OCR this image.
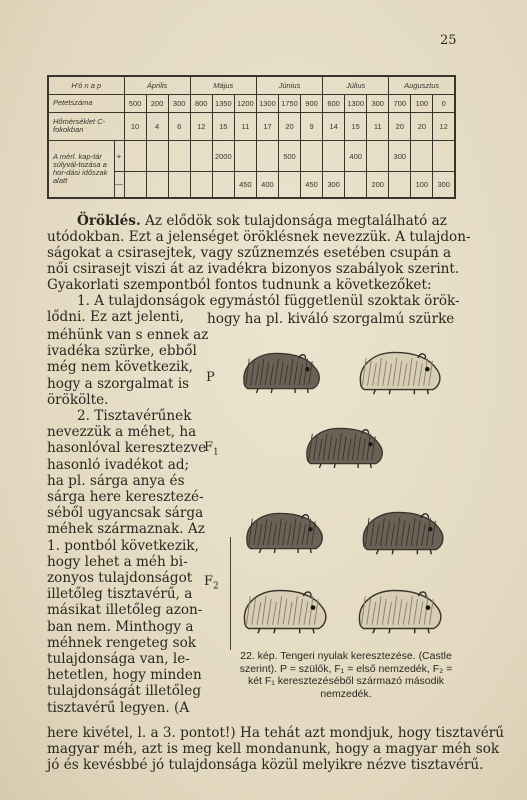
25
H'ó n a p		Április			Május			Június			Július			Augusztus		
Petetszáma		500	200	300	800	1350	1200	1300	1750	900	600	1300	300	700	100	0
Hőmérséklet C-fokokban		10	4	6	12	15	11	17	20	9	14	15	11	20	20	12
A mérl. kap-tár súlyvál-tozása a hor-dási időszak alatt	+					2000			500			400		300		
	—						450	400		450	300		200		100	300
Öröklés. Az elődök sok tulajdonsága megtalálható az
utódokban. Ezt a jelenséget öröklésnek nevezzük. A tulajdon-
ságokat a csirasejtek, vagy szűznemzés esetében csupán a
női csirasejt viszi át az ivadékra bizonyos szabályok szerint.
Gyakorlati szempontból fontos tudnunk a következőket:
1. A tulajdonságok egymástól függetlenül szoktak örök-
lődni. Ez azt jelenti, hogy ha pl. kiváló szorgalmú szürke
méhünk van s ennek az
ivadéka szürke, ebből
még nem következik,
hogy a szorgalmat is
örökölte.
2. Tisztavérűnek
nevezzük a méhet, ha
hasonlóval keresztezve
hasonló ivadékot ad;
ha pl. sárga anya és
sárga here keresztezé-
séből ugyancsak sárga
méhek származnak. Az
1. pontból következik,
hogy lehet a méh bi-
zonyos tulajdonságot
illetőleg tisztavérű, a
másikat illetőleg azon-
ban nem. Minthogy a
méhnek rengeteg sok
tulajdonsága van, le-
hetetlen, hogy minden
tulajdonságát illetőleg
tisztavérű legyen. (A
P
$F_1$
$F_2$
22. kép. Tengeri nyulak keresztezése. (Castle szerint). P = szülők, F₁ = első nemzedék, F₂ = két F₁ keresztezéséből származó második nemzedék.
here kivétel, l. a 3. pontot!) Ha tehát azt mondjuk, hogy tisztavérű
magyar méh, azt is meg kell mondanunk, hogy a magyar méh sok
jó és kevésbbé jó tulajdonsága közül melyikre nézve tisztavérű.
